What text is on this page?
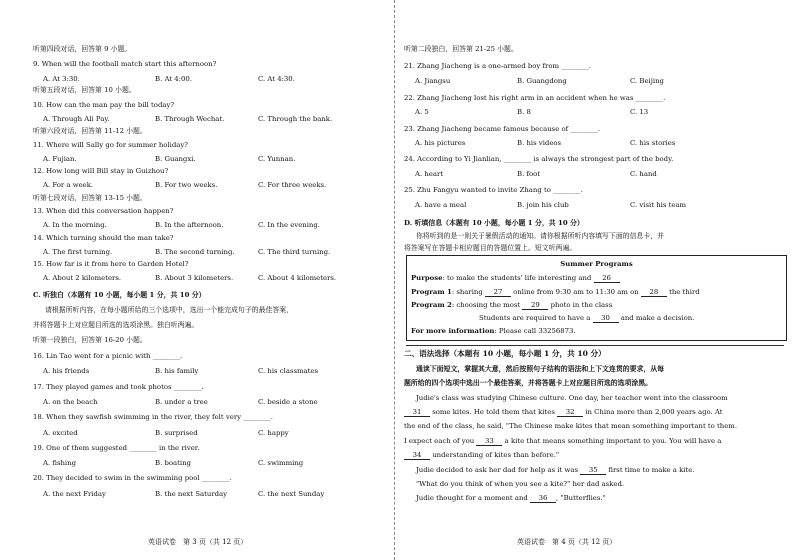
听第四段对话，回答第 9 小题。
9. When will the football match start this afternoon?
A. At 3:30.	B. At 4:00.	C. At 4:30.
听第五段对话，回答第 10 小题。
10. How can the man pay the bill today?
A. Through Ali Pay.	B. Through Wechat.	C. Through the bank.
听第六段对话，回答第 11-12 小题。
11. Where will Sally go for summer holiday?
A. Fujian.	B. Guangxi.	C. Yunnan.
12. How long will Bill stay in Guizhou?
A. For a week.	B. For two weeks.	C. For three weeks.
听第七段对话，回答第 13-15 小题。
13. When did this conversation happen?
A. In the morning.	B. In the afternoon.	C. In the evening.
14. Which turning should the man take?
A. The first turning.	B. The second turning.	C. The third turning.
15. How far is it from here to Garden Hotel?
A. About 2 kilometers.	B. About 3 kilometers.	C. About 4 kilometers.
C. 听独白（本题有 10 小题，每小题 1 分，共 10 分）
请根据所听内容，在每小题所给的三个选项中，选出一个能完成句子的最佳答案，
并将答题卡上对应题目所选的选项涂黑。独白听两遍。
听第一段独白，回答第 16-20 小题。
16. Lin Tao went for a picnic with ________.
A. his friends	B. his family	C. his classmates
17. They played games and took photos ________.
A. on the beach	B. under a tree	C. beside a stone
18. When they sawfish swimming in the river, they felt very ________.
A. excited	B. surprised	C. happy
19. One of them suggested ________ in the river.
A. fishing	B. boating	C. swimming
20. They decided to swim in the swimming pool ________.
A. the next Friday	B. the next Saturday	C. the next Sunday
英语试卷　第 3 页（共 12 页）
听第二段独白，回答第 21-25 小题。
21. Zhang Jiacheng is a one-armed boy from ________.
A. Jiangsu	B. Guangdong	C. Beijing
22. Zhang Jiacheng lost his right arm in an accident when he was ________.
A. 5	B. 8	C. 13
23. Zhang Jiacheng became famous because of ________.
A. his pictures	B. his videos	C. his stories
24. According to Yi Jianlian, ________ is always the strongest part of the body.
A. heart	B. foot	C. hand
25. Zhu Fangyu wanted to invite Zhang to ________.
A. have a meal	B. join his club	C. visit his team
D. 听填信息（本题有 10 小题，每小题 1 分，共 10 分）
你将听到的是一则关于暑假活动的通知。请你根据所听内容填写下面的信息卡，并
将答案写在答题卡相应题目的答题位置上。短文听两遍。
二、语法选择（本题有 10 小题，每小题 1 分，共 10 分）
通读下面短文，掌握其大意，然后按照句子结构的语法和上下文连贯的要求，从每
题所给的四个选项中选出一个最佳答案，并将答题卡上对应题目所选的选项涂黑。
Judie's class was studying Chinese culture. One day, her teacher went into the classroom
31 some kites. He told them that kites 32 in China more than 2,000 years ago. At
the end of the class, he said, "The Chinese make kites that mean something important to them.
I expect each of you 33 a kite that means something important to you. You will have a
34 understanding of kites than before."
Judie decided to ask her dad for help as it was 35 first time to make a kite.
"What do you think of when you see a kite?" her dad asked.
Judie thought for a moment and 36 , "Butterflies."
英语试卷　第 4 页（共 12 页）
Summer Programs
Purpose: to make the students' life interesting and 26
Program 1: sharing 27 online from 9:30 am to 11:30 am on 28 the third
Program 2: choosing the most 29 photo in the class
Students are required to have a 30 and make a decision.
For more information: Please call 33256873.
